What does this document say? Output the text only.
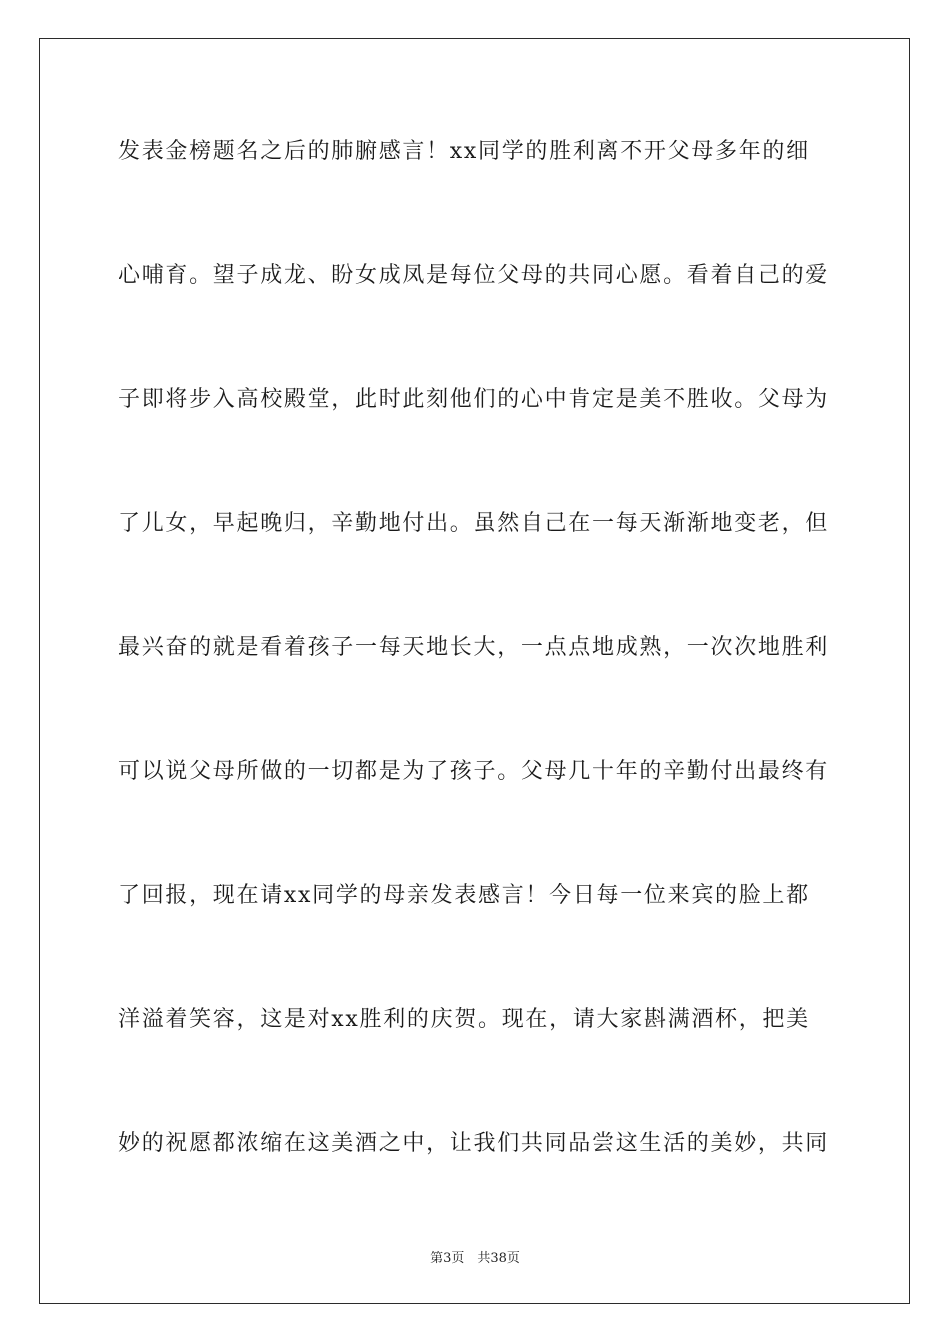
发表金榜题名之后的肺腑感言！xx同学的胜利离不开父母多年的细
心哺育。望子成龙、盼女成凤是每位父母的共同心愿。看着自己的爱
子即将步入高校殿堂，此时此刻他们的心中肯定是美不胜收。父母为
了儿女，早起晚归，辛勤地付出。虽然自己在一每天渐渐地变老，但
最兴奋的就是看着孩子一每天地长大，一点点地成熟，一次次地胜利
可以说父母所做的一切都是为了孩子。父母几十年的辛勤付出最终有
了回报，现在请xx同学的母亲发表感言！今日每一位来宾的脸上都
洋溢着笑容，这是对xx胜利的庆贺。现在，请大家斟满酒杯，把美
妙的祝愿都浓缩在这美酒之中，让我们共同品尝这生活的美妙，共同
第3页　共38页
